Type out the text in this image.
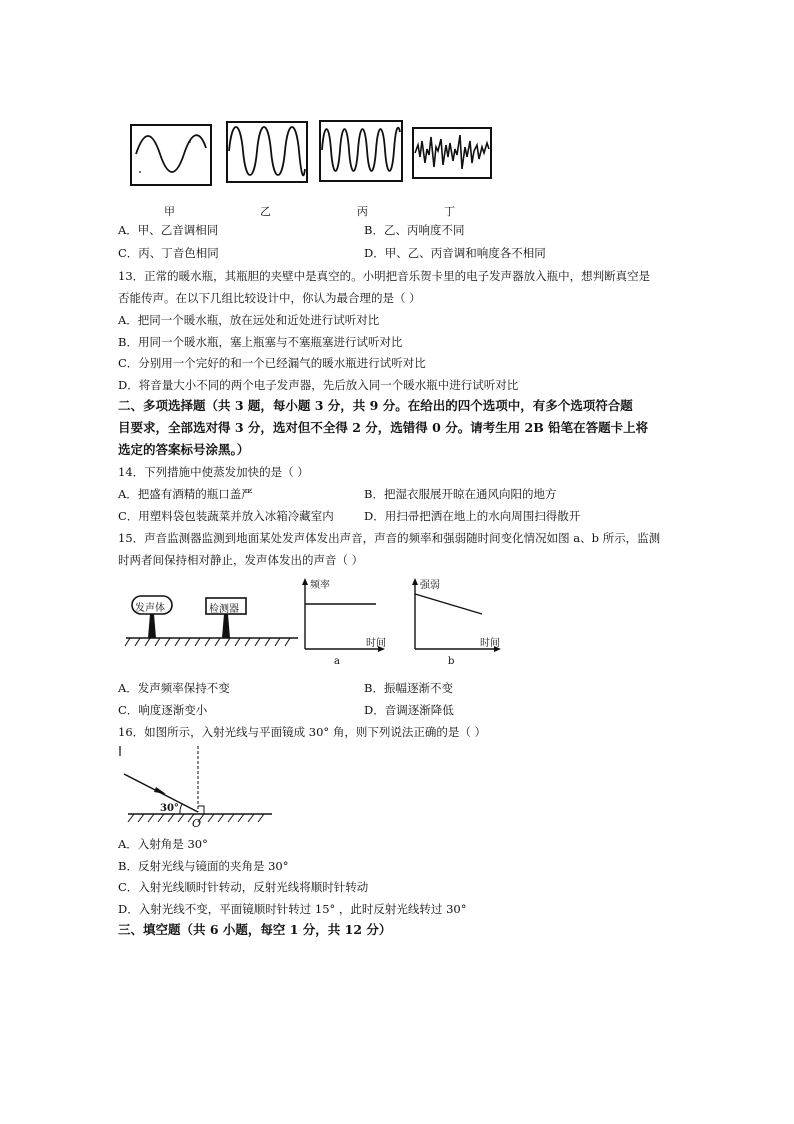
甲	乙	丙	丁
A．甲、乙音调相同	B．乙、丙响度不同
C．丙、丁音色相同	D．甲、乙、丙音调和响度各不相同
13．正常的暖水瓶，其瓶胆的夹壁中是真空的。小明把音乐贺卡里的电子发声器放入瓶中，想判断真空是
否能传声。在以下几组比较设计中，你认为最合理的是（ ）
A．把同一个暖水瓶，放在远处和近处进行试听对比
B．用同一个暖水瓶，塞上瓶塞与不塞瓶塞进行试听对比
C．分别用一个完好的和一个已经漏气的暖水瓶进行试听对比
D．将音量大小不同的两个电子发声器，先后放入同一个暖水瓶中进行试听对比
二、多项选择题（共 3 题，每小题 3 分，共 9 分。在给出的四个选项中，有多个选项符合题
目要求，全部选对得 3 分，选对但不全得 2 分，选错得 0 分。请考生用 2B 铅笔在答题卡上将
选定的答案标号涂黑。）
14．下列措施中使蒸发加快的是（ ）
A．把盛有酒精的瓶口盖严	B．把湿衣服展开晾在通风向阳的地方
C．用塑料袋包装蔬菜并放入冰箱冷藏室内	D．用扫帚把洒在地上的水向周围扫得散开
15．声音监测器监测到地面某处发声体发出声音，声音的频率和强弱随时间变化情况如图 a、b 所示，监测
时两者间保持相对静止，发声体发出的声音（ ）
发声体	检测器
频率
时间
a
强弱
时间
b
A．发声频率保持不变	B．振幅逐渐不变
C．响度逐渐变小	D．音调逐渐降低
16．如图所示，入射光线与平面镜成 30° 角，则下列说法正确的是（ ）
30°
O
A．入射角是 30°
B．反射光线与镜面的夹角是 30°
C．入射光线顺时针转动，反射光线将顺时针转动
D．入射光线不变，平面镜顺时针转过 15° ，此时反射光线转过 30°
三、填空题（共 6 小题，每空 1 分，共 12 分）
